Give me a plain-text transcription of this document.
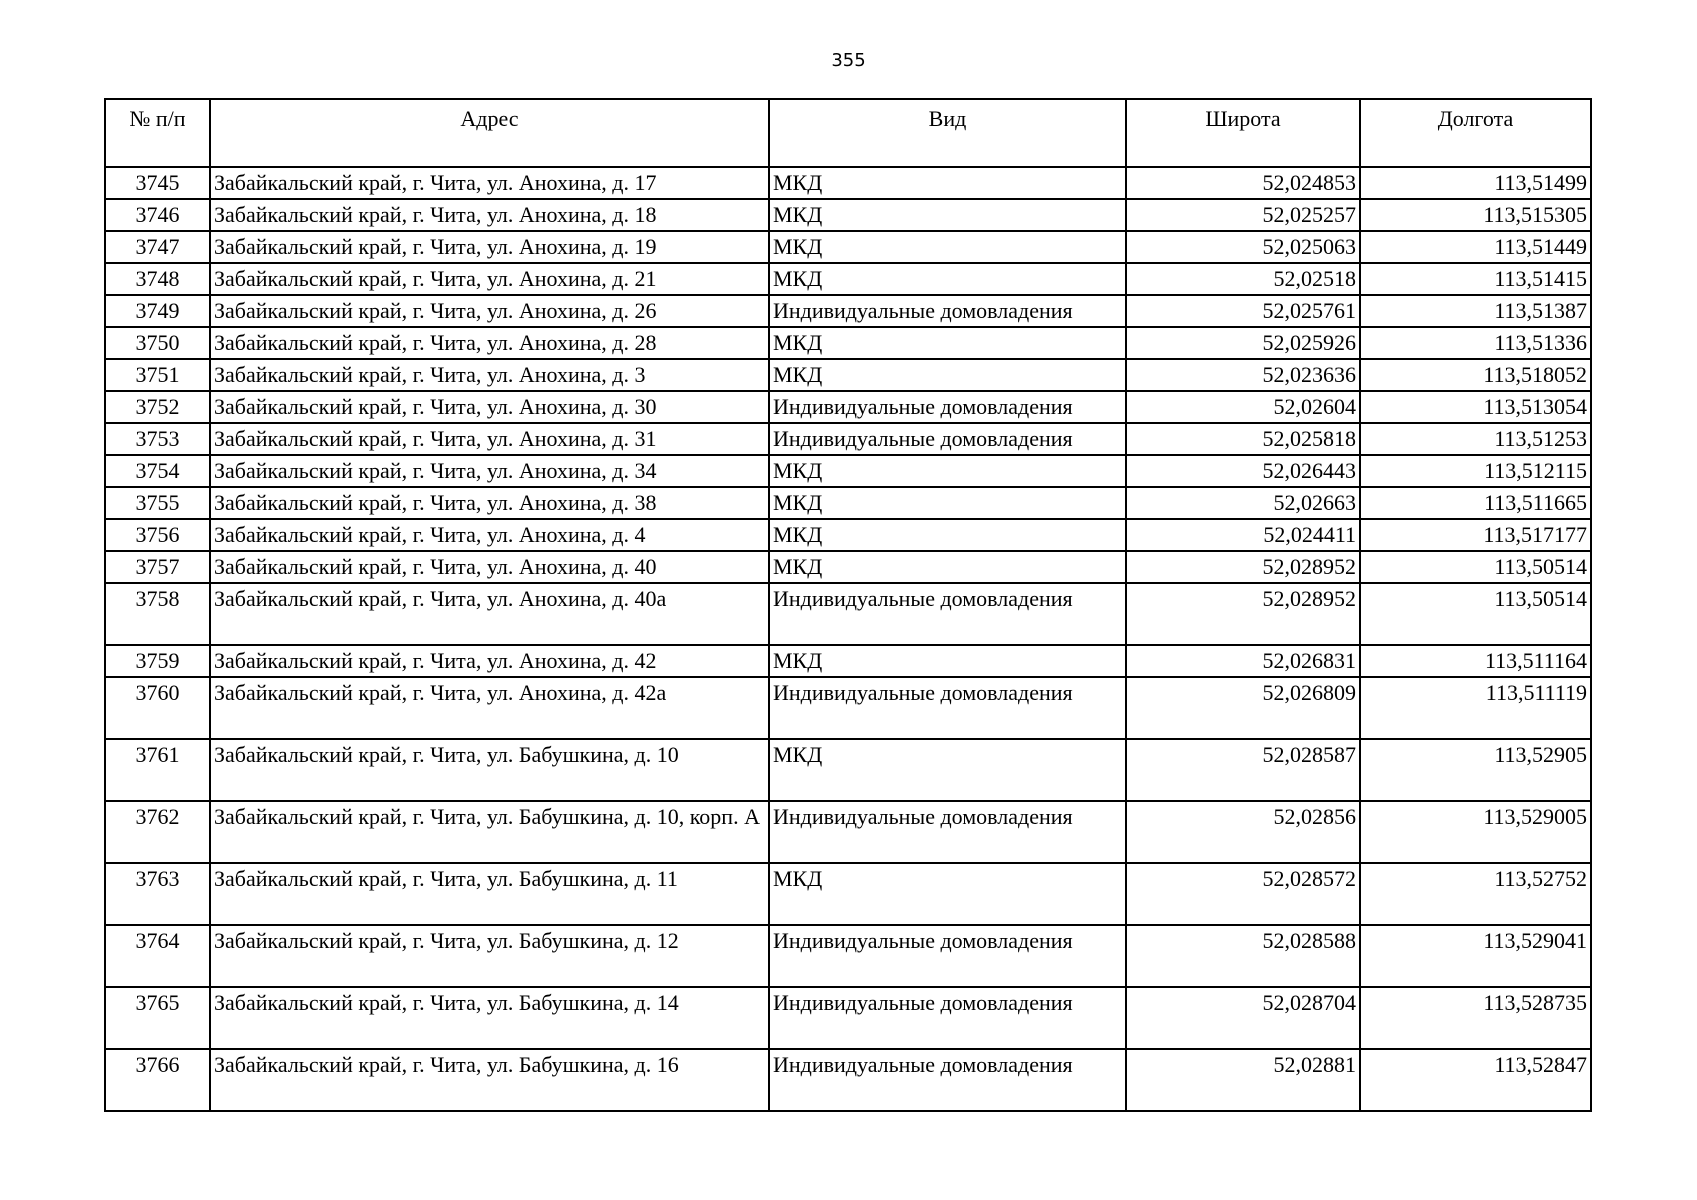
355
№ п/п	Адрес	Вид	Широта	Долгота
3745	Забайкальский край, г. Чита, ул. Анохина, д. 17	МКД	52,024853	113,51499
3746	Забайкальский край, г. Чита, ул. Анохина, д. 18	МКД	52,025257	113,515305
3747	Забайкальский край, г. Чита, ул. Анохина, д. 19	МКД	52,025063	113,51449
3748	Забайкальский край, г. Чита, ул. Анохина, д. 21	МКД	52,02518	113,51415
3749	Забайкальский край, г. Чита, ул. Анохина, д. 26	Индивидуальные домовладения	52,025761	113,51387
3750	Забайкальский край, г. Чита, ул. Анохина, д. 28	МКД	52,025926	113,51336
3751	Забайкальский край, г. Чита, ул. Анохина, д. 3	МКД	52,023636	113,518052
3752	Забайкальский край, г. Чита, ул. Анохина, д. 30	Индивидуальные домовладения	52,02604	113,513054
3753	Забайкальский край, г. Чита, ул. Анохина, д. 31	Индивидуальные домовладения	52,025818	113,51253
3754	Забайкальский край, г. Чита, ул. Анохина, д. 34	МКД	52,026443	113,512115
3755	Забайкальский край, г. Чита, ул. Анохина, д. 38	МКД	52,02663	113,511665
3756	Забайкальский край, г. Чита, ул. Анохина, д. 4	МКД	52,024411	113,517177
3757	Забайкальский край, г. Чита, ул. Анохина, д. 40	МКД	52,028952	113,50514
3758	Забайкальский край, г. Чита, ул. Анохина, д. 40а	Индивидуальные домовладения	52,028952	113,50514
3759	Забайкальский край, г. Чита, ул. Анохина, д. 42	МКД	52,026831	113,511164
3760	Забайкальский край, г. Чита, ул. Анохина, д. 42а	Индивидуальные домовладения	52,026809	113,511119
3761	Забайкальский край, г. Чита, ул. Бабушкина, д. 10	МКД	52,028587	113,52905
3762	Забайкальский край, г. Чита, ул. Бабушкина, д. 10, корп. А	Индивидуальные домовладения	52,02856	113,529005
3763	Забайкальский край, г. Чита, ул. Бабушкина, д. 11	МКД	52,028572	113,52752
3764	Забайкальский край, г. Чита, ул. Бабушкина, д. 12	Индивидуальные домовладения	52,028588	113,529041
3765	Забайкальский край, г. Чита, ул. Бабушкина, д. 14	Индивидуальные домовладения	52,028704	113,528735
3766	Забайкальский край, г. Чита, ул. Бабушкина, д. 16	Индивидуальные домовладения	52,02881	113,52847
